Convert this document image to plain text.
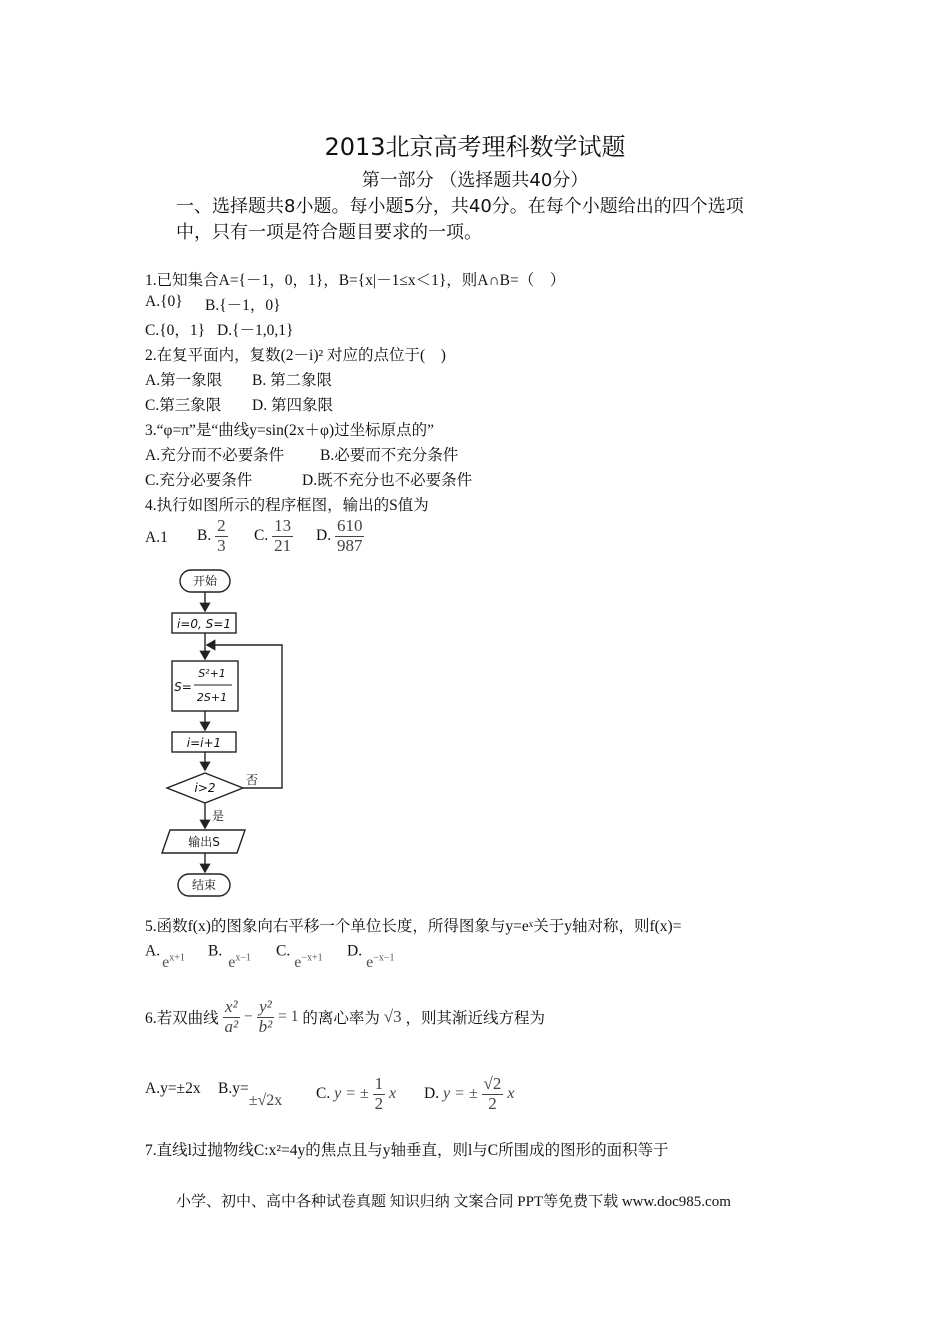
2013北京高考理科数学试题
第一部分 （选择题共40分）
一、选择题共8小题。每小题5分，共40分。在每个小题给出的四个选项
中，只有一项是符合题目要求的一项。
1.已知集合A={－1，0，1}，B={x|－1≤x＜1}，则A∩B=（　）
A.{0} B.{－1，0}
C.{0，1} D.{－1,0,1}
2.在复平面内，复数(2－i)² 对应的点位于(　)
A.第一象限 B. 第二象限
C.第三象限 D. 第四象限
3.“φ=π”是“曲线y=sin(2x＋φ)过坐标原点的”
A.充分而不必要条件 B.必要而不充分条件
C.充分必要条件	D.既不充分也不必要条件
4.执行如图所示的程序框图，输出的S值为
A.1 B. $\frac{2}{3} C$. $\frac{13}{21} D$. $\frac{610}{987}$
开始
i=0, S=1
S=
S²+1
2S+1
i=i+1
i>2
否
是
输出S
结束
5.函数f(x)的图象向右平移一个单位长度，所得图象与y=eˣ关于y轴对称，则f(x)=
$A.e^{x+1}$ $B.e^{x-1}$ $C.e^{-x+1}$ $D.e^{-x-1}$
6.若双曲线 $\frac{\text{x²}}{\text{a²}} - \frac{\text{y²}}{\text{b²}} = 1$ 的离心率为 √3 ，则其渐近线方程为
A.y=±2x B.y=±√2x C. y = ± $\frac{1}{2}$ x D. y = ± $\frac{√2}{2}$ x
7.直线l过抛物线C:x²=4y的焦点且与y轴垂直，则l与C所围成的图形的面积等于
小学、初中、高中各种试卷真题 知识归纳 文案合同 PPT等免费下载 www.doc985.com
